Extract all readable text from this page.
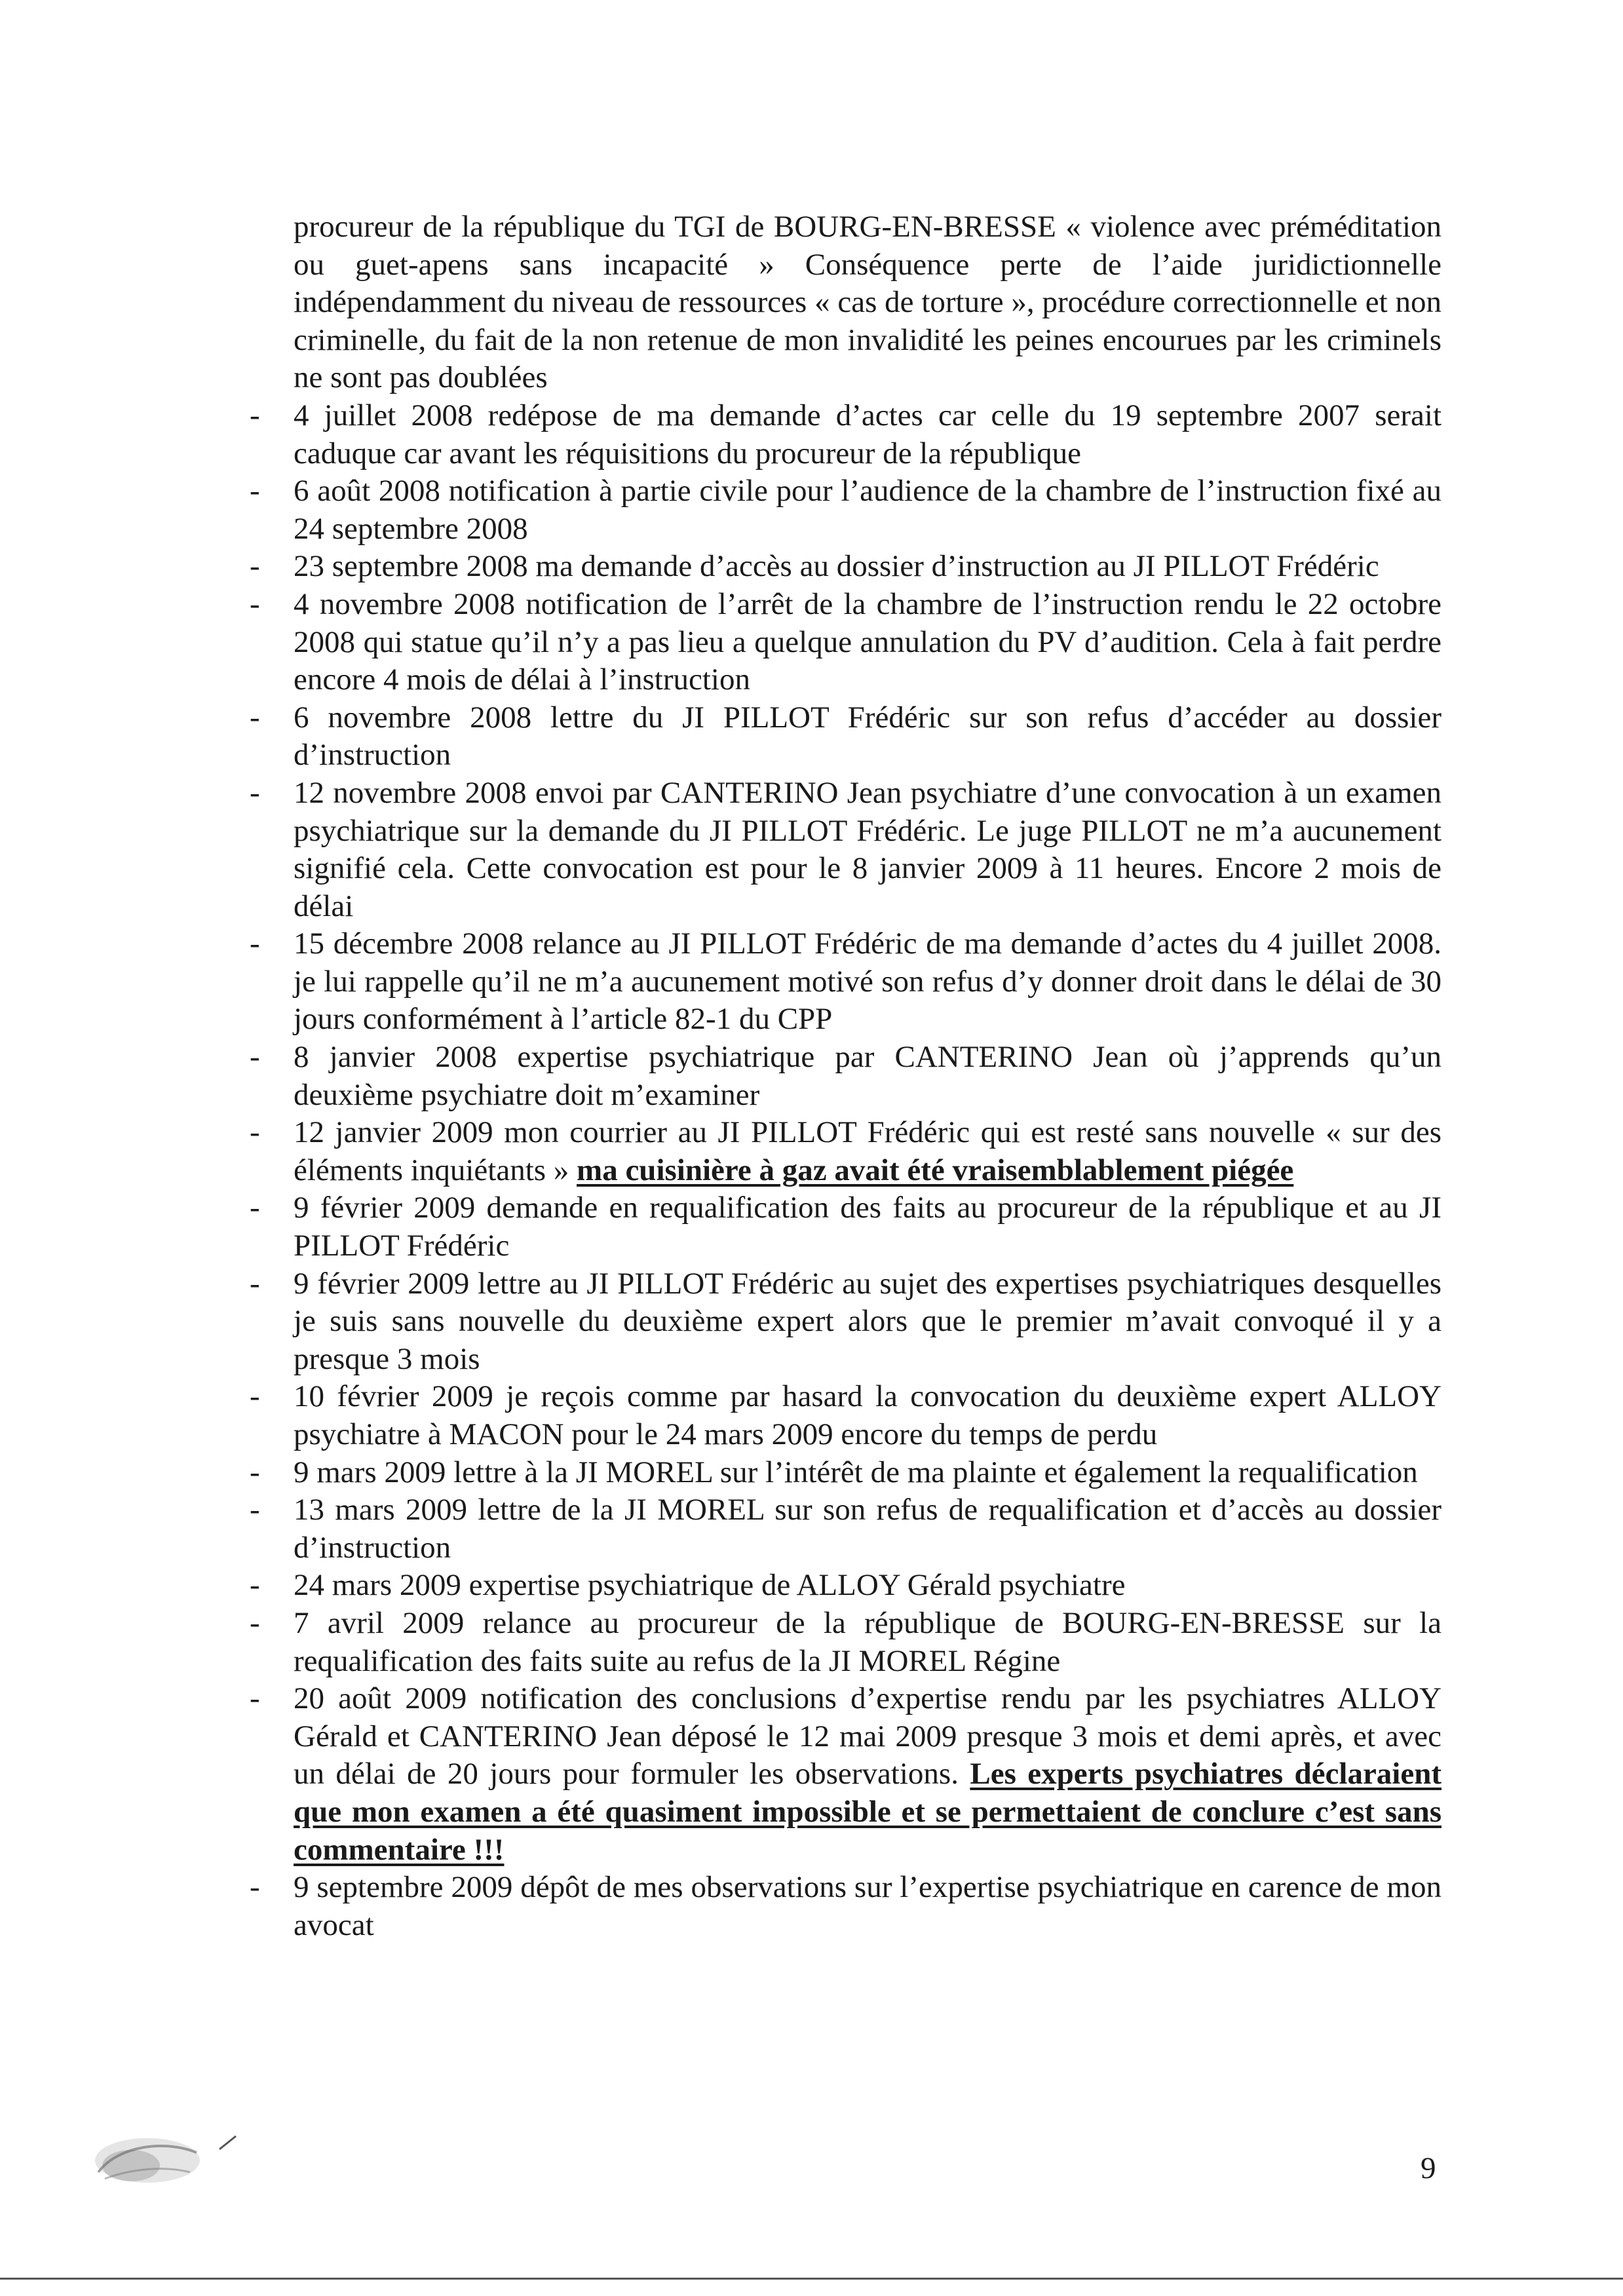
procureur de la république du TGI de BOURG-EN-BRESSE « violence avec préméditation ou guet-apens sans incapacité » Conséquence perte de l’aide juridictionnelle indépendamment du niveau de ressources « cas de torture », procédure correctionnelle et non criminelle, du fait de la non retenue de mon invalidité les peines encourues par les criminels ne sont pas doublées

- 4 juillet 2008 redépose de ma demande d’actes car celle du 19 septembre 2007 serait caduque car avant les réquisitions du procureur de la république
- 6 août 2008 notification à partie civile pour l’audience de la chambre de l’instruction fixé au 24 septembre 2008
- 23 septembre 2008 ma demande d’accès au dossier d’instruction au JI PILLOT Frédéric
- 4 novembre 2008 notification de l’arrêt de la chambre de l’instruction rendu le 22 octobre 2008 qui statue qu’il n’y a pas lieu a quelque annulation du PV d’audition. Cela à fait perdre encore 4 mois de délai à l’instruction
- 6 novembre 2008 lettre du JI PILLOT Frédéric sur son refus d’accéder au dossier d’instruction
- 12 novembre 2008 envoi par CANTERINO Jean psychiatre d’une convocation à un examen psychiatrique sur la demande du JI PILLOT Frédéric. Le juge PILLOT ne m’a aucunement signifié cela. Cette convocation est pour le 8 janvier 2009 à 11 heures. Encore 2 mois de délai
- 15 décembre 2008 relance au JI PILLOT Frédéric de ma demande d’actes du 4 juillet 2008. je lui rappelle qu’il ne m’a aucunement motivé son refus d’y donner droit dans le délai de 30 jours conformément à l’article 82-1 du CPP
- 8 janvier 2008 expertise psychiatrique par CANTERINO Jean où j’apprends qu’un deuxième psychiatre doit m’examiner
- 12 janvier 2009 mon courrier au JI PILLOT Frédéric qui est resté sans nouvelle « sur des éléments inquiétants » ma cuisinière à gaz avait été vraisemblablement piégée
- 9 février 2009 demande en requalification des faits au procureur de la république et au JI PILLOT Frédéric
- 9 février 2009 lettre au JI PILLOT Frédéric au sujet des expertises psychiatriques desquelles je suis sans nouvelle du deuxième expert alors que le premier m’avait convoqué il y a presque 3 mois
- 10 février 2009 je reçois comme par hasard la convocation du deuxième expert ALLOY psychiatre à MACON pour le 24 mars 2009 encore du temps de perdu
- 9 mars 2009 lettre à la JI MOREL sur l’intérêt de ma plainte et également la requalification
- 13 mars 2009 lettre de la JI MOREL sur son refus de requalification et d’accès au dossier d’instruction
- 24 mars 2009 expertise psychiatrique de ALLOY Gérald psychiatre
- 7 avril 2009 relance au procureur de la république de BOURG-EN-BRESSE sur la requalification des faits suite au refus de la JI MOREL Régine
- 20 août 2009 notification des conclusions d’expertise rendu par les psychiatres ALLOY Gérald et CANTERINO Jean déposé le 12 mai 2009 presque 3 mois et demi après, et avec un délai de 20 jours pour formuler les observations. Les experts psychiatres déclaraient que mon examen a été quasiment impossible et se permettaient de conclure c’est sans commentaire !!!
- 9 septembre 2009 dépôt de mes observations sur l’expertise psychiatrique en carence de mon avocat
9
